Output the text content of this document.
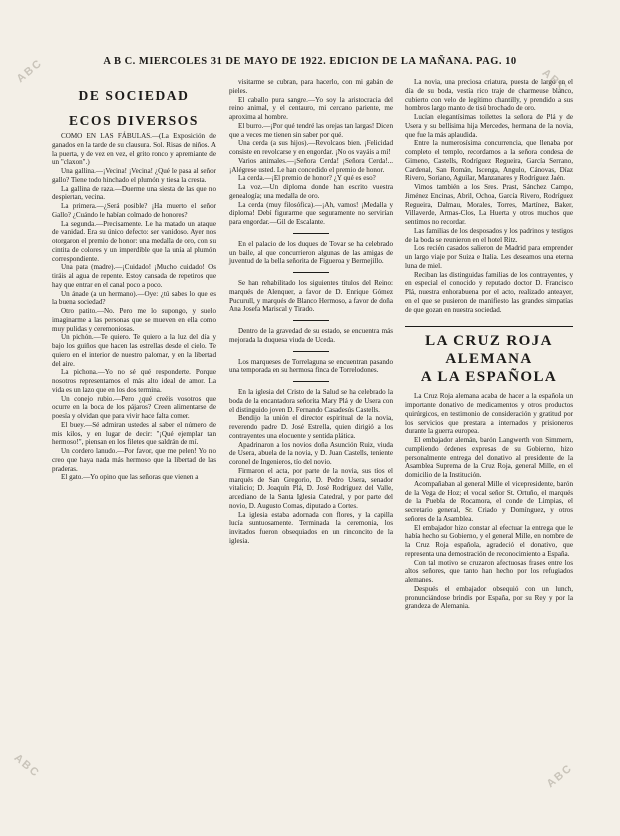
ABC	ABC
ABC	ABC
A B C. MIERCOLES 31 DE MAYO DE 1922. EDICION DE LA MAÑANA. PAG. 10
DE SOCIEDAD
ECOS DIVERSOS

COMO EN LAS FÁBULAS.—(La Exposición de ganados en la tarde de su clausura. Sol. Risas de niños. A la puerta, y de vez en vez, el grito ronco y apremiante de un "claxon".)

Una gallina.—¡Vecina! ¡Vecina! ¿Qué le pasa al señor gallo? Tiene todo hinchado el plumón y tiesa la cresta.

La gallina de raza.—Duerme una siesta de las que no despiertan, vecina.

La primera.—¿Será posible? ¡Ha muerto el señor Gallo? ¿Cuándo le habían colmado de honores?

La segunda.—Precisamente. Le ha matado un ataque de vanidad. Era su único defecto: ser vanidoso. Ayer nos otorgaron el premio de honor: una medalla de oro, con su cintita de colores y un imperdible que la unía al plumón correspondiente.

Una pata (madre).—¡Cuidado! ¡Mucho cuidado! Os tiráis al agua de repente. Estoy cansada de repetiros que hay que entrar en el canal poco a poco.

Un ánade (a un hermano).—Oye: ¿tú sabes lo que es la buena sociedad?

Otro patito.—No. Pero me lo supongo, y suelo imaginarme a las personas que se mueven en ella como muy pulidas y ceremoniosas.

Un pichón.—Te quiero. Te quiero a la luz del día y bajo los guiños que hacen las estrellas desde el cielo. Te quiero en el interior de nuestro palomar, y en la libertad del aire.

La pichona.—Yo no sé qué responderte. Porque nosotros representamos el más alto ideal de amor. La vida es un lazo que en los dos termina.

Un conejo rubio.—Pero ¿qué creéis vosotros que ocurre en la boca de los pájaros? Creen alimentarse de poesía y olvidan que para vivir hace falta comer.

El buey.—Sé admiran ustedes al saber el número de mis kilos, y en lugar de decir: "¡Qué ejemplar tan hermoso!", piensan en los filetes que saldrán de mí.

Un cordero lanudo.—Por favor, que me pelen! Yo no creo que haya nada más hermoso que la libertad de las praderas.

El gato.—Yo opino que las señoras que vienen a

visitarme se cubran, para hacerlo, con mi gabán de pieles.

El caballo pura sangre.—Yo soy la aristocracia del reino animal, y el centauro, mi cercano pariente, me aproxima al hombre.

El burro.—¡Por qué tendré las orejas tan largas! Dicen que a veces me tienen sin saber por qué.

Una cerda (a sus hijos).—Revolcaos bien. ¡Felicidad consiste en revolcarse y en engordar. ¡No os vayáis a mí!

Varios animales.—¡Señora Cerda! ¡Señora Cerda!... ¡Alégrese usted. Le han concedido el premio de honor.

La cerda.—¡El premio de honor? ¿Y qué es eso?

La voz.—Un diploma donde han escrito vuestra genealogía; una medalla de oro.

La cerda (muy filosófica).—¡Ah, vamos! ¡Medalla y diploma! Debí figurarme que seguramente no servirían para engordar.—Gil de Escalante.

En el palacio de los duques de Tovar se ha celebrado un baile, al que concurrieron algunas de las amigas de juventud de la bella señorita de Figueroa y Bermejillo.

Se han rehabilitado los siguientes títulos del Reino: marqués de Alenquer, a favor de D. Enrique Gómez Pucurull, y marqués de Blanco Hermoso, a favor de doña Ana Josefa Mariscal y Tirado.

Dentro de la gravedad de su estado, se encuentra más mejorada la duquesa viuda de Uceda.

Los marqueses de Torrelaguna se encuentran pasando una temporada en su hermosa finca de Torrelodones.

En la iglesia del Cristo de la Salud se ha celebrado la boda de la encantadora señorita Mary Plá y de Usera con el distinguido joven D. Fernando Casadesús Castells.

Bendijo la unión el director espiritual de la novia, reverendo padre D. José Estrella, quien dirigió a los contrayentes una elocuente y sentida plática.

Apadrinaron a los novios doña Asunción Ruiz, viuda de Usera, abuela de la novia, y D. Juan Castells, teniente coronel de Ingenieros, tío del novio.

Firmaron el acta, por parte de la novia, sus tíos el marqués de San Gregorio, D. Pedro Usera, senador vitalicio; D. Joaquín Plá, D. José Rodríguez del Valle, arcediano de la Santa Iglesia Catedral, y por parte del novio, D. Augusto Comas, diputado a Cortes.

La iglesia estaba adornada con flores, y la capilla lucía suntuosamente. Terminada la ceremonia, los invitados fueron obsequiados en un rinconcito de la iglesia.

La novia, una preciosa criatura, puesta de largo en el día de su boda, vestía rico traje de charmeuse blanco, cubierto con velo de legítimo chantilly, y prendido a sus hombros largo manto de tisú brochado de oro.

Lucían elegantísimas toilettes la señora de Plá y de Usera y su bellísima hija Mercedes, hermana de la novia, que fue la más aplaudida.

Entre la numerosísima concurrencia, que llenaba por completo el templo, recordamos a la señora condesa de Gimeno, Castells, Rodríguez Regueira, García Serrano, Cardenal, San Román, Iscenga, Angulo, Cánovas, Díaz Rivero, Soriano, Aguilar, Manzanares y Rodríguez Jaén.

Vimos también a los Sres. Prast, Sánchez Campo, Jiménez Encinas, Abril, Ochoa, García Rivero, Rodríguez Regueira, Dalmau, Morales, Torres, Martínez, Baker, Villaverde, Armas-Clos, La Huerta y otros muchos que sentimos no recordar.

Las familias de los desposados y los padrinos y testigos de la boda se reunieron en el hotel Ritz.

Los recién casados salieron de Madrid para emprender un largo viaje por Suiza e Italia. Les deseamos una eterna luna de miel.

Reciban las distinguidas familias de los contrayentes, y en especial el conocido y reputado doctor D. Francisco Plá, nuestra enhorabuena por el acto, realizado anteayer, en el que se pusieron de manifiesto las grandes simpatías de que gozan en nuestra sociedad.

LA CRUZ ROJA
ALEMANA
A LA ESPAÑOLA

La Cruz Roja alemana acaba de hacer a la española un importante donativo de medicamentos y otros productos quirúrgicos, en testimonio de consideración y gratitud por los servicios que prestara a internados y prisioneros durante la guerra europea.

El embajador alemán, barón Langwerth von Simmern, cumpliendo órdenes expresas de su Gobierno, hizo personalmente entrega del donativo al presidente de la Asamblea Suprema de la Cruz Roja, general Mille, en el domicilio de la Institución.

Acompañaban al general Mille el vicepresidente, barón de la Vega de Hoz; el vocal señor St. Ortuño, el marqués de la Puebla de Rocamora, el conde de Limpias, el secretario general, Sr. Criado y Domínguez, y otros señores de la Asamblea.

El embajador hizo constar al efectuar la entrega que le había hecho su Gobierno, y el general Mille, en nombre de la Cruz Roja española, agradeció el donativo, que representa una demostración de reconocimiento a España.

Con tal motivo se cruzaron afectuosas frases entre los altos señores, que tanto han hecho por los refugiados alemanes.

Después el embajador obsequió con un lunch, pronunciándose brindis por España, por su Rey y por la grandeza de Alemania.
